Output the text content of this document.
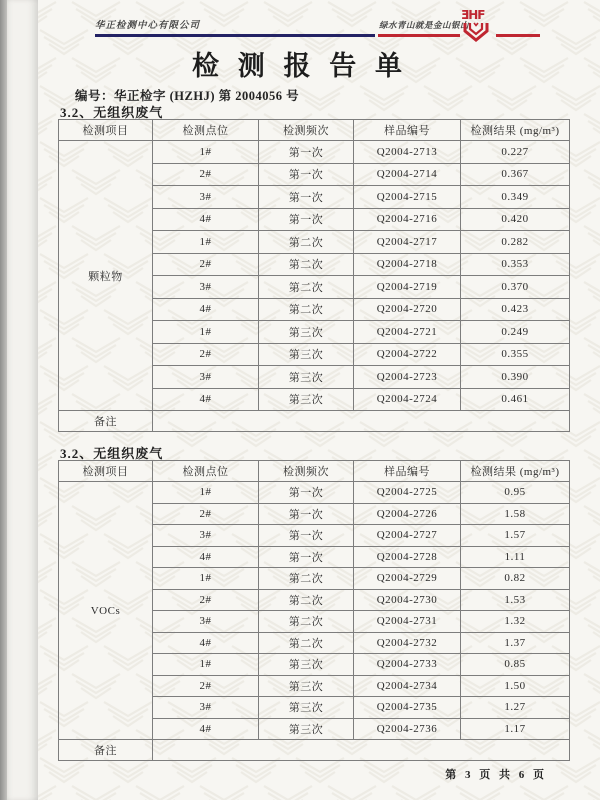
华正检测中心有限公司	绿水青山就是金山银山
ƎHF
检 测 报 告 单
编号：华正检字 (HZHJ) 第 2004056 号
3.2、无组织废气
检测项目	检测点位	检测频次	样品编号	检测结果 (mg/m³)
颗粒物	1#	第一次	Q2004-2713	0.227
	2#	第一次	Q2004-2714	0.367
	3#	第一次	Q2004-2715	0.349
	4#	第一次	Q2004-2716	0.420
	1#	第二次	Q2004-2717	0.282
	2#	第二次	Q2004-2718	0.353
	3#	第二次	Q2004-2719	0.370
	4#	第二次	Q2004-2720	0.423
	1#	第三次	Q2004-2721	0.249
	2#	第三次	Q2004-2722	0.355
	3#	第三次	Q2004-2723	0.390
	4#	第三次	Q2004-2724	0.461
备注				
3.2、无组织废气
检测项目	检测点位	检测频次	样品编号	检测结果 (mg/m³)
VOCs	1#	第一次	Q2004-2725	0.95
	2#	第一次	Q2004-2726	1.58
	3#	第一次	Q2004-2727	1.57
	4#	第一次	Q2004-2728	1.11
	1#	第二次	Q2004-2729	0.82
	2#	第二次	Q2004-2730	1.53
	3#	第二次	Q2004-2731	1.32
	4#	第二次	Q2004-2732	1.37
	1#	第三次	Q2004-2733	0.85
	2#	第三次	Q2004-2734	1.50
	3#	第三次	Q2004-2735	1.27
	4#	第三次	Q2004-2736	1.17
备注				
第 3 页 共 6 页
